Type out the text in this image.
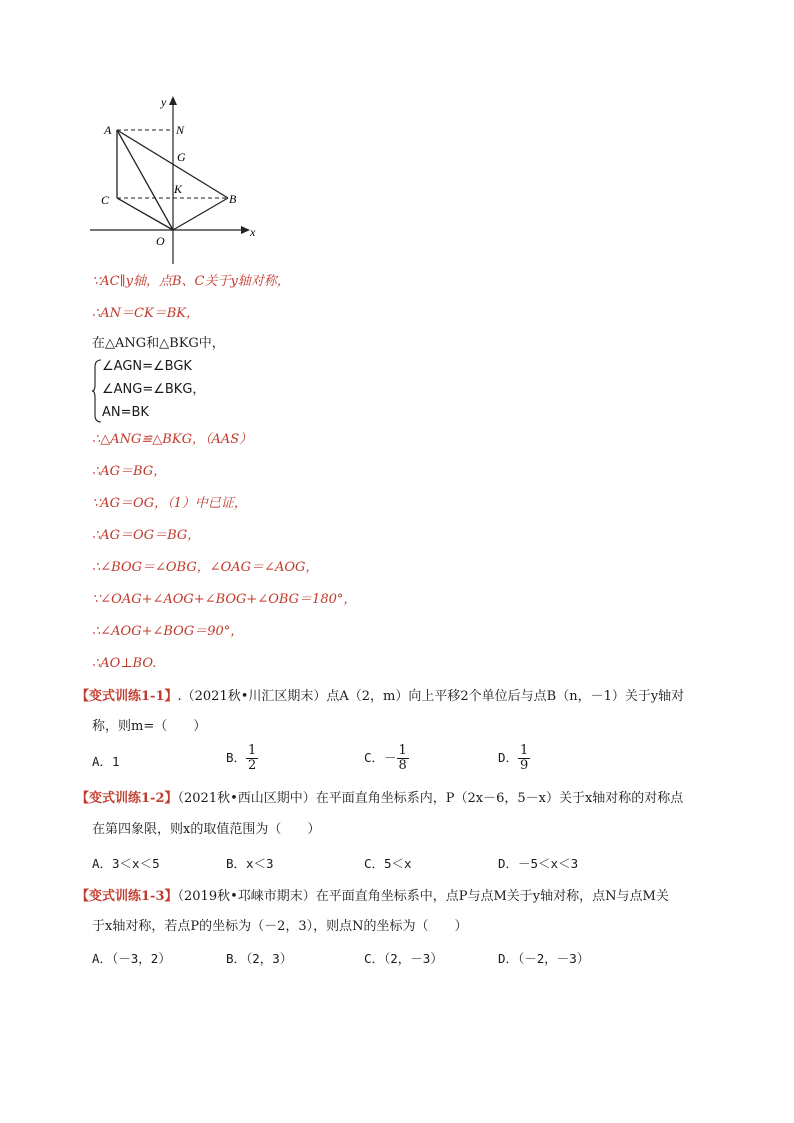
y
x
A	N
G
K
C	B
O
∵AC∥y轴，点B、C关于y轴对称，
∴AN＝CK＝BK，
在△ANG和△BKG中，
∠AGN=∠BGK
∠ANG=∠BKG，
AN=BK
∴△ANG≌△BKG，（AAS）
∴AG＝BG，
∵AG＝OG，（1）中已证，
∴AG＝OG＝BG，
∴∠BOG＝∠OBG，∠OAG＝∠AOG，
∵∠OAG+∠AOG+∠BOG+∠OBG＝180°，
∴∠AOG+∠BOG＝90°，
∴AO⊥BO.
【变式训练1-1】.（2021秋•川汇区期末）点A（2，m）向上平移2个单位后与点B（n，－1）关于y轴对
称，则m=（　　）
A．1	B． $\frac{1}{2}$	C．－ $\frac{1}{8}$	D． $\frac{1}{9}$
【变式训练1-2】（2021秋•西山区期中）在平面直角坐标系内，P（2x－6，5－x）关于x轴对称的对称点
在第四象限，则x的取值范围为（　　）
A．3＜x＜5	B．x＜3	C．5＜x	D．－5＜x＜3
【变式训练1-3】（2019秋•邛崃市期末）在平面直角坐标系中，点P与点M关于y轴对称，点N与点M关
于x轴对称，若点P的坐标为（－2，3），则点N的坐标为（　　）
A．（－3，2）	B．（2，3）	C．（2，－3）	D．（－2，－3）
